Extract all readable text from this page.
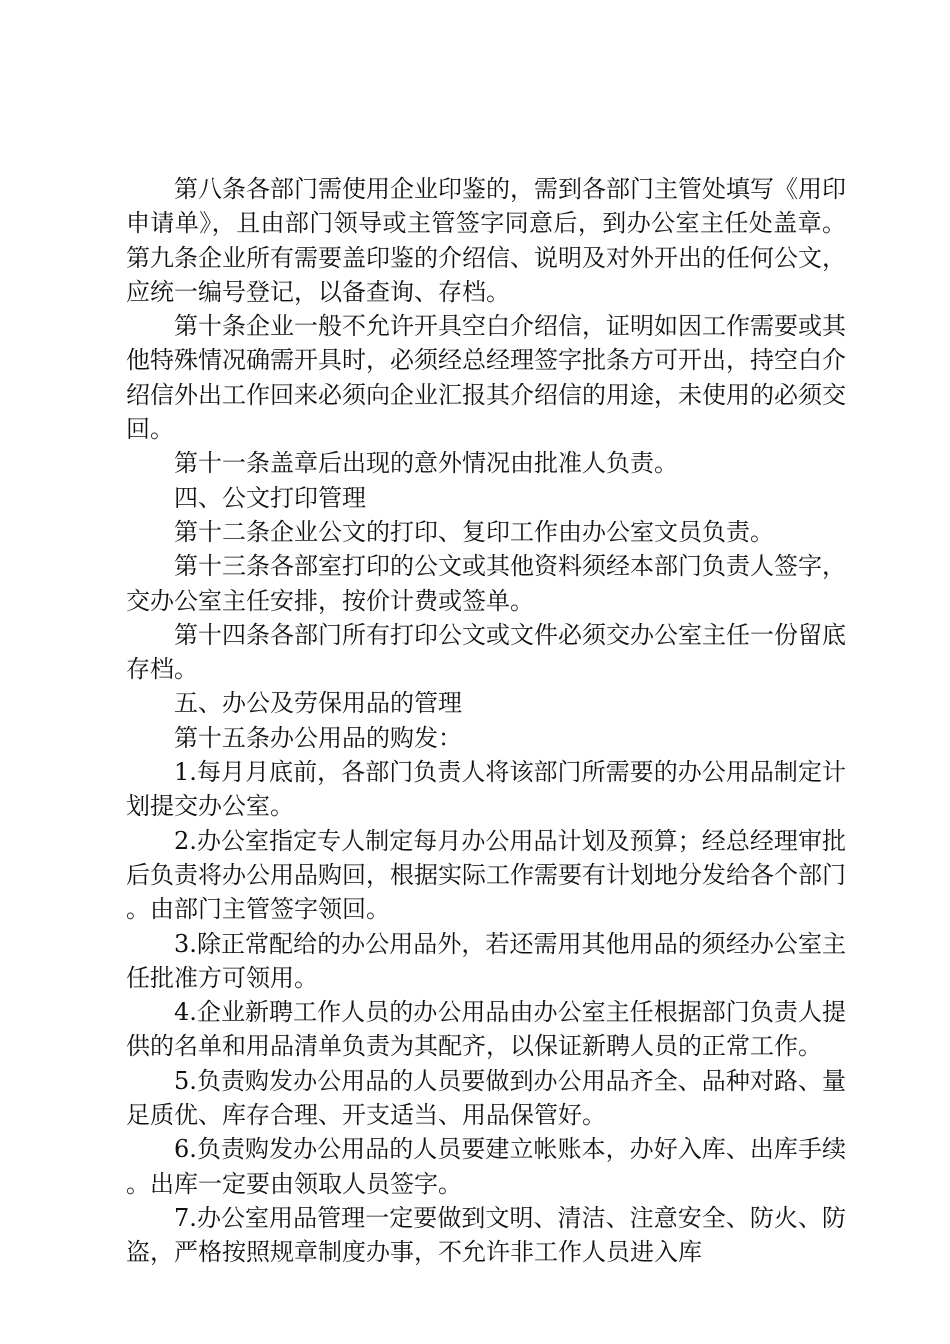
第八条各部门需使用企业印鉴的，需到各部门主管处填写《用印申请单》，且由部门领导或主管签字同意后，到办公室主任处盖章。第九条企业所有需要盖印鉴的介绍信、说明及对外开出的任何公文，应统一编号登记，以备查询、存档。

第十条企业一般不允许开具空白介绍信，证明如因工作需要或其他特殊情况确需开具时，必须经总经理签字批条方可开出，持空白介绍信外出工作回来必须向企业汇报其介绍信的用途，未使用的必须交回。

第十一条盖章后出现的意外情况由批准人负责。

四、公文打印管理

第十二条企业公文的打印、复印工作由办公室文员负责。

第十三条各部室打印的公文或其他资料须经本部门负责人签字，交办公室主任安排，按价计费或签单。

第十四条各部门所有打印公文或文件必须交办公室主任一份留底存档。

五、办公及劳保用品的管理

第十五条办公用品的购发：

1.每月月底前，各部门负责人将该部门所需要的办公用品制定计划提交办公室。

2.办公室指定专人制定每月办公用品计划及预算；经总经理审批后负责将办公用品购回，根据实际工作需要有计划地分发给各个部门。由部门主管签字领回。

3.除正常配给的办公用品外，若还需用其他用品的须经办公室主任批准方可领用。

4.企业新聘工作人员的办公用品由办公室主任根据部门负责人提供的名单和用品清单负责为其配齐，以保证新聘人员的正常工作。

5.负责购发办公用品的人员要做到办公用品齐全、品种对路、量足质优、库存合理、开支适当、用品保管好。

6.负责购发办公用品的人员要建立帐账本，办好入库、出库手续。出库一定要由领取人员签字。

7.办公室用品管理一定要做到文明、清洁、注意安全、防火、防盗，严格按照规章制度办事，不允许非工作人员进入库
